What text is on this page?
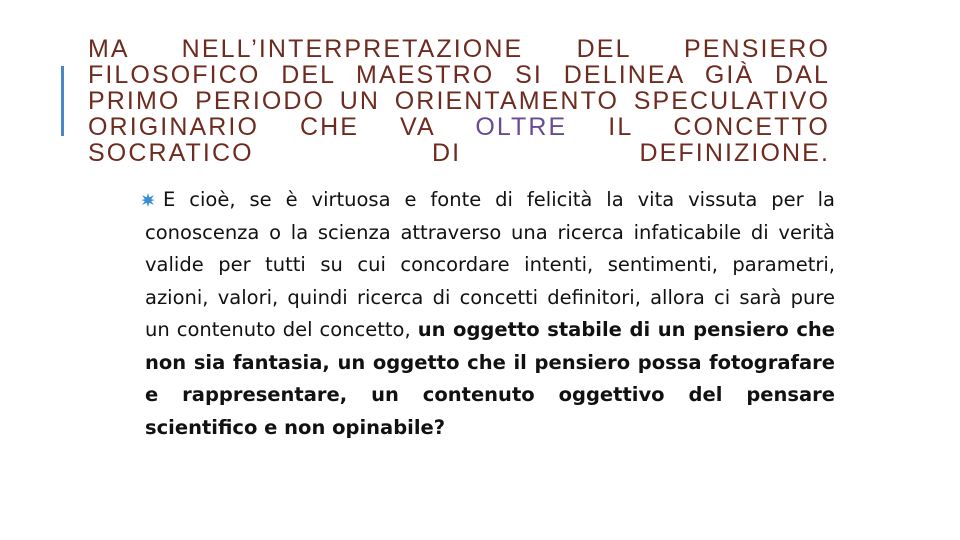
MA NELL’INTERPRETAZIONE DEL PENSIERO FILOSOFICO DEL MAESTRO SI DELINEA GIÀ DAL PRIMO PERIODO UN ORIENTAMENTO SPECULATIVO ORIGINARIO CHE VA OLTRE IL CONCETTO SOCRATICO DI DEFINIZIONE.

E cioè, se è virtuosa e fonte di felicità la vita vissuta per la conoscenza o la scienza attraverso una ricerca infaticabile di verità valide per tutti su cui concordare intenti, sentimenti, parametri, azioni, valori, quindi ricerca di concetti definitori, allora ci sarà pure un contenuto del concetto, un oggetto stabile di un pensiero che non sia fantasia, un oggetto che il pensiero possa fotografare e rappresentare, un contenuto oggettivo del pensare scientifico e non opinabile?
